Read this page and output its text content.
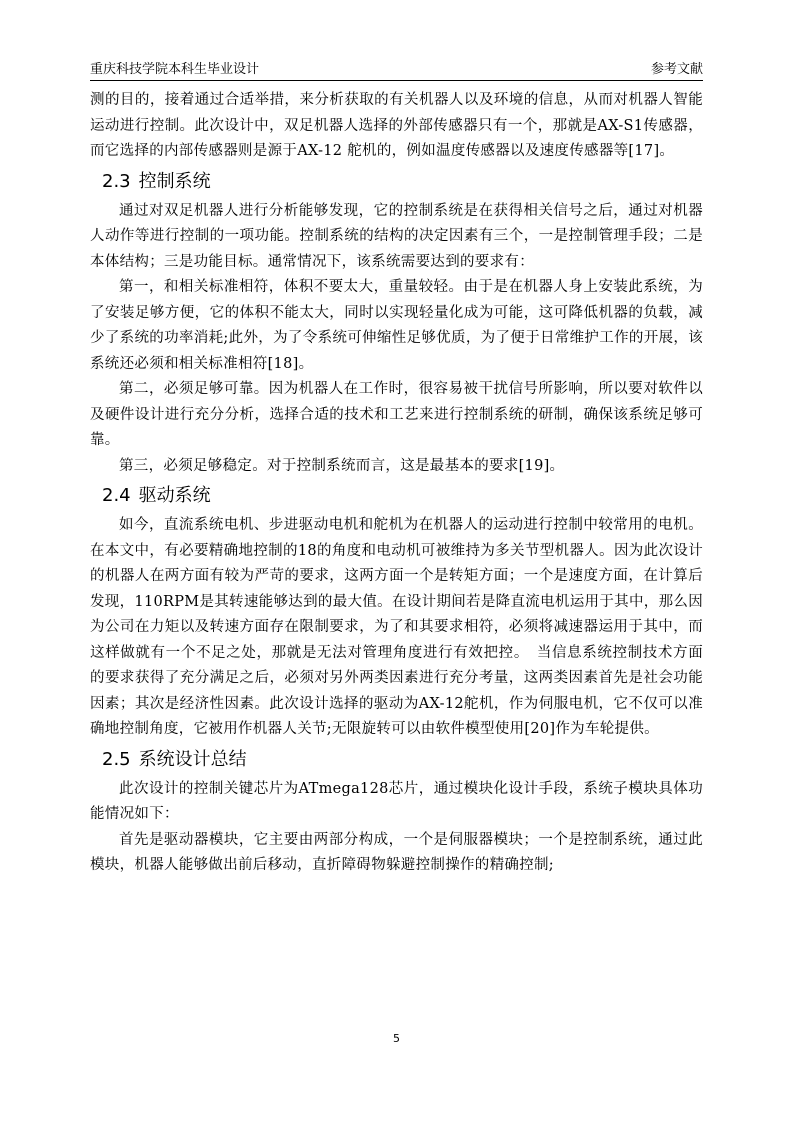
重庆科技学院本科生毕业设计	参考文献

测的目的，接着通过合适举措，来分析获取的有关机器人以及环境的信息，从而对机器人智能运动进行控制。此次设计中，双足机器人选择的外部传感器只有一个，那就是AX-S1传感器，而它选择的内部传感器则是源于AX-12 舵机的，例如温度传感器以及速度传感器等[17]。

2.3 控制系统

通过对双足机器人进行分析能够发现，它的控制系统是在获得相关信号之后，通过对机器人动作等进行控制的一项功能。控制系统的结构的决定因素有三个，一是控制管理手段；二是本体结构；三是功能目标。通常情况下，该系统需要达到的要求有：

第一，和相关标准相符，体积不要太大，重量较轻。由于是在机器人身上安装此系统，为了安装足够方便，它的体积不能太大，同时以实现轻量化成为可能，这可降低机器的负载，减少了系统的功率消耗;此外，为了令系统可伸缩性足够优质，为了便于日常维护工作的开展，该系统还必须和相关标准相符[18]。

第二，必须足够可靠。因为机器人在工作时，很容易被干扰信号所影响，所以要对软件以及硬件设计进行充分分析，选择合适的技术和工艺来进行控制系统的研制，确保该系统足够可靠。

第三，必须足够稳定。对于控制系统而言，这是最基本的要求[19]。

2.4 驱动系统

如今，直流系统电机、步进驱动电机和舵机为在机器人的运动进行控制中较常用的电机。在本文中，有必要精确地控制的18的角度和电动机可被维持为多关节型机器人。因为此次设计的机器人在两方面有较为严苛的要求，这两方面一个是转矩方面；一个是速度方面，在计算后发现，110RPM是其转速能够达到的最大值。在设计期间若是降直流电机运用于其中，那么因为公司在力矩以及转速方面存在限制要求，为了和其要求相符，必须将减速器运用于其中，而这样做就有一个不足之处，那就是无法对管理角度进行有效把控。　当信息系统控制技术方面的要求获得了充分满足之后，必须对另外两类因素进行充分考量，这两类因素首先是社会功能因素；其次是经济性因素。此次设计选择的驱动为AX-12舵机，作为伺服电机，它不仅可以准确地控制角度，它被用作机器人关节;无限旋转可以由软件模型使用[20]作为车轮提供。

2.5 系统设计总结

此次设计的控制关键芯片为ATmega128芯片，通过模块化设计手段，系统子模块具体功能情况如下：

首先是驱动器模块，它主要由两部分构成，一个是伺服器模块；一个是控制系统，通过此模块，机器人能够做出前后移动，直折障碍物躲避控制操作的精确控制;

5
